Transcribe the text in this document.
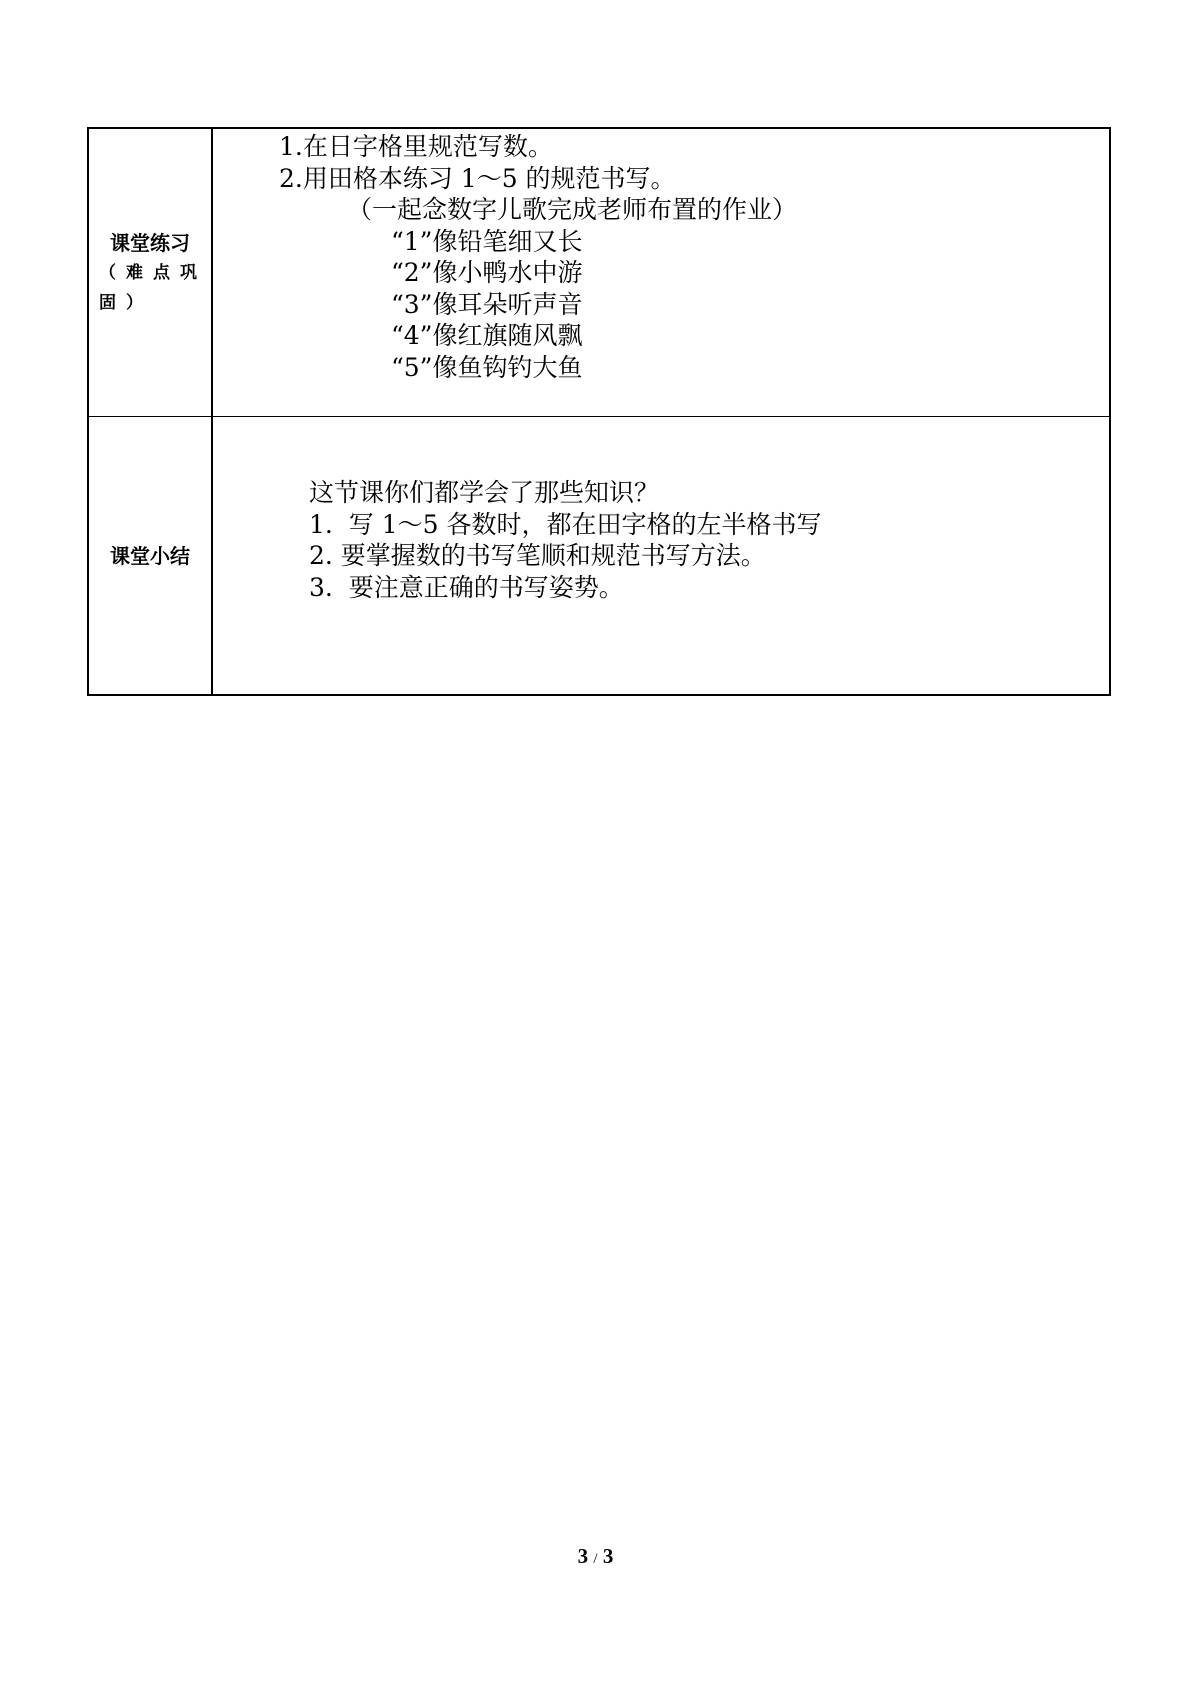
课堂练习
（难点巩
固）
1.在日字格里规范写数。
2.用田格本练习 1～5 的规范书写。
（一起念数字儿歌完成老师布置的作业）
“1”像铅笔细又长
“2”像小鸭水中游
“3”像耳朵听声音
“4”像红旗随风飘
“5”像鱼钩钓大鱼
课堂小结
这节课你们都学会了那些知识？
1.  写 1～5 各数时，都在田字格的左半格书写
2. 要掌握数的书写笔顺和规范书写方法。
3.  要注意正确的书写姿势。
3 / 3
